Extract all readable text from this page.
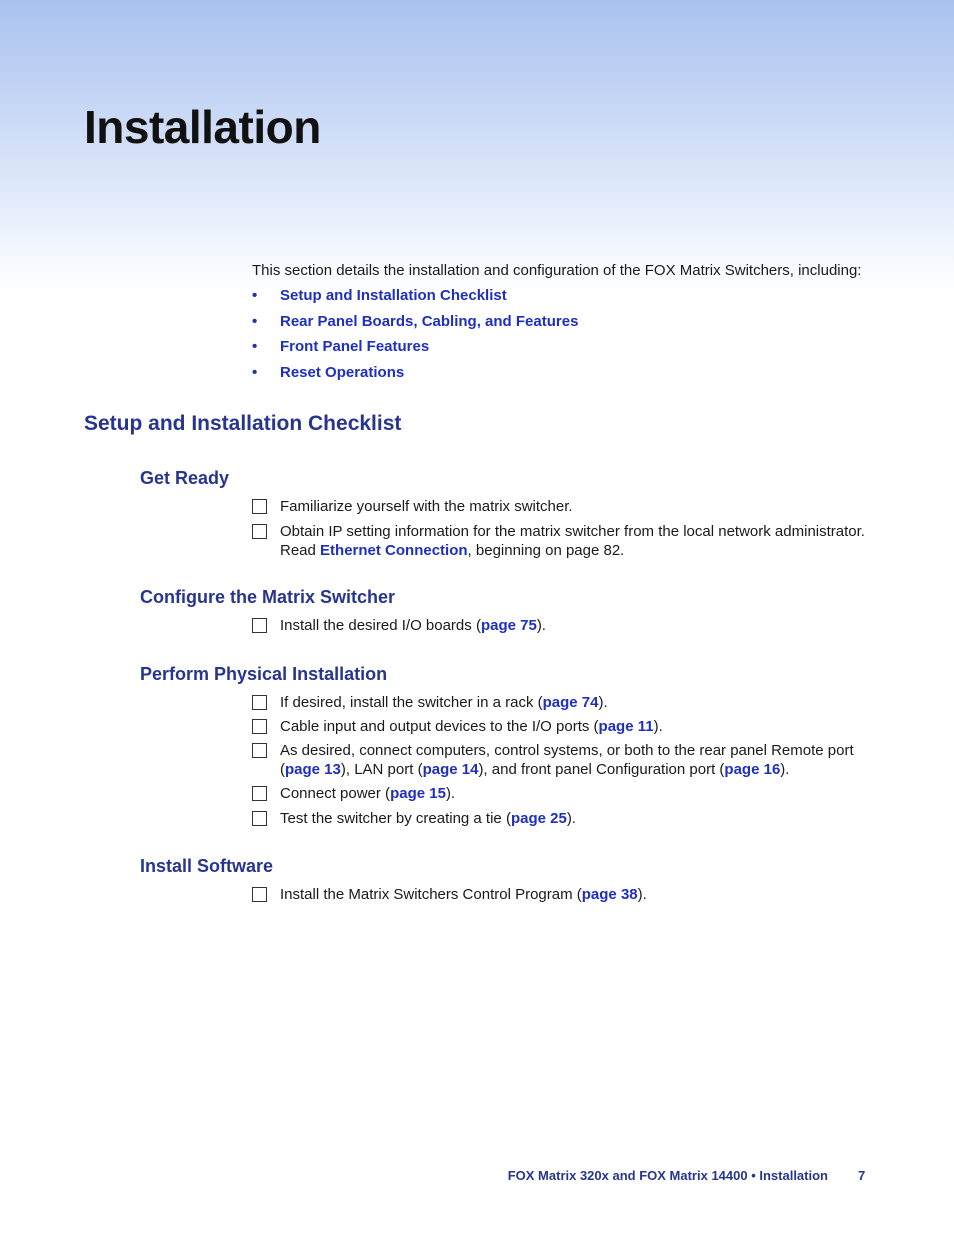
Installation
This section details the installation and configuration of the FOX Matrix Switchers, including:
• Setup and Installation Checklist
• Rear Panel Boards, Cabling, and Features
• Front Panel Features
• Reset Operations
Setup and Installation Checklist
Get Ready
Familiarize yourself with the matrix switcher.
Obtain IP setting information for the matrix switcher from the local network administrator. Read Ethernet Connection, beginning on page 82.
Configure the Matrix Switcher
Install the desired I/O boards (page 75).
Perform Physical Installation
If desired, install the switcher in a rack (page 74).
Cable input and output devices to the I/O ports (page 11).
As desired, connect computers, control systems, or both to the rear panel Remote port (page 13), LAN port (page 14), and front panel Configuration port (page 16).
Connect power (page 15).
Test the switcher by creating a tie (page 25).
Install Software
Install the Matrix Switchers Control Program (page 38).
FOX Matrix 320x and FOX Matrix 14400 • Installation 7
